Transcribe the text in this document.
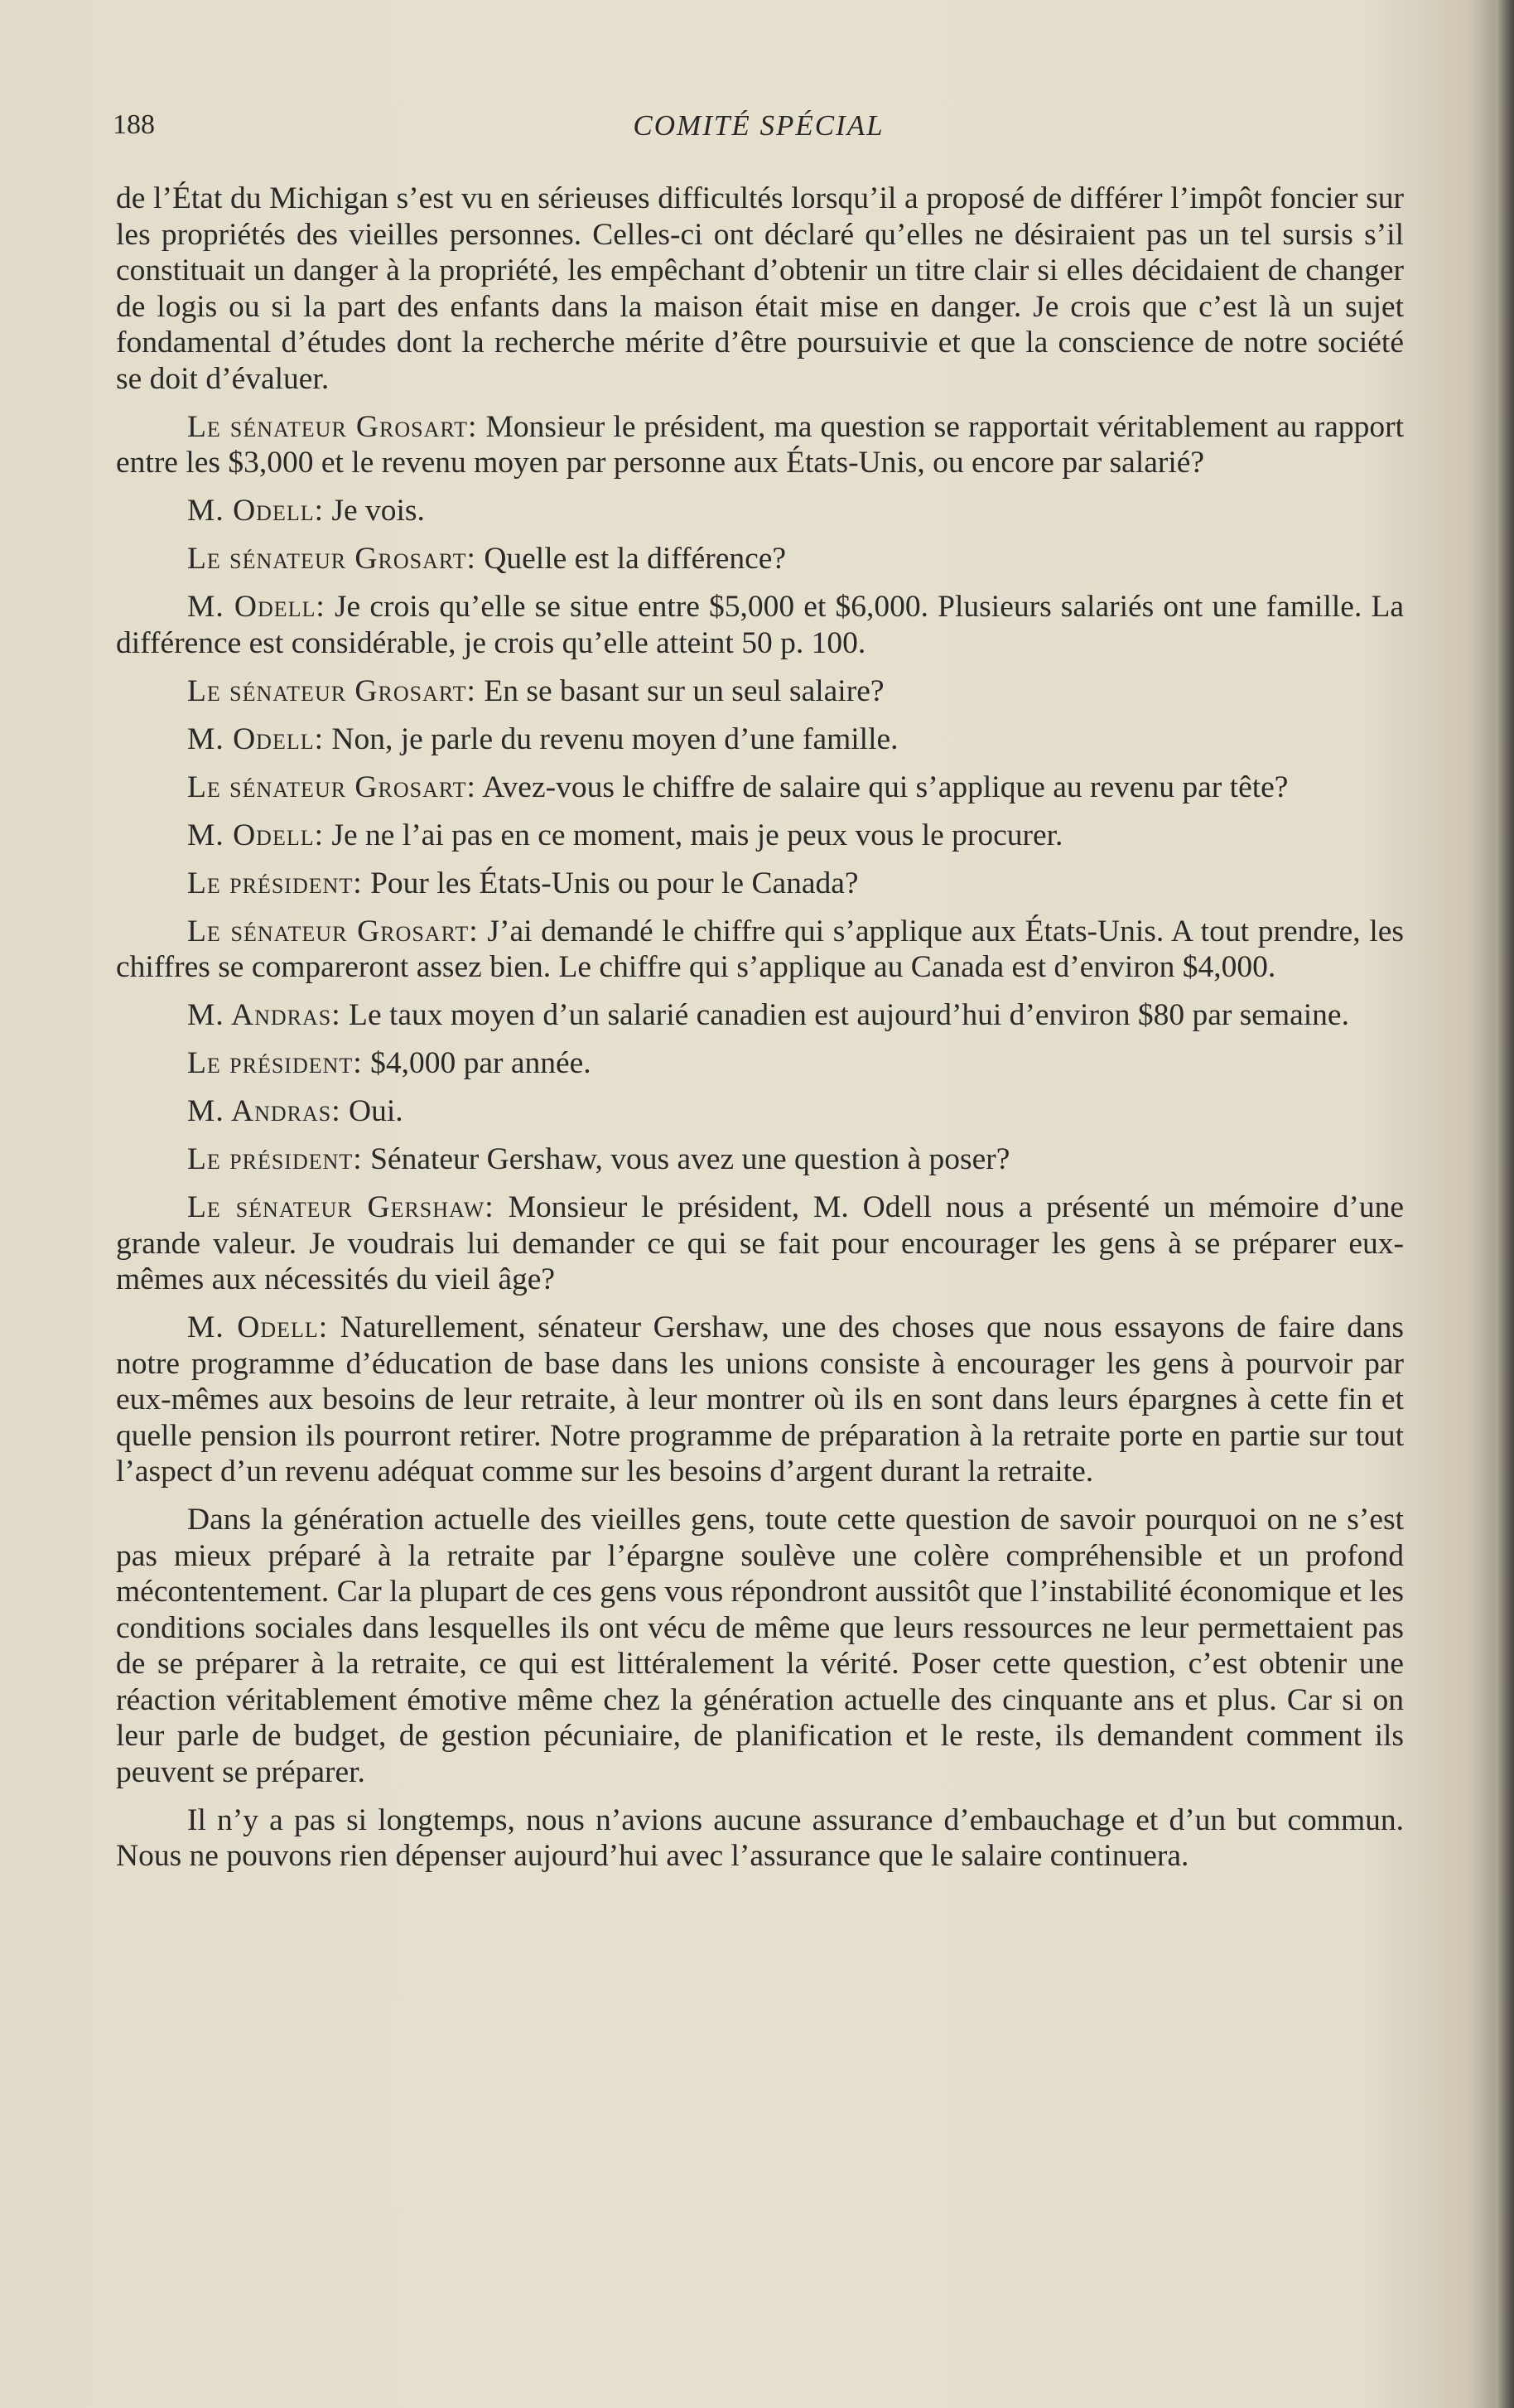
188	COMITÉ SPÉCIAL

de l’État du Michigan s’est vu en sérieuses difficultés lorsqu’il a proposé de différer l’impôt foncier sur les propriétés des vieilles personnes. Celles-ci ont déclaré qu’elles ne désiraient pas un tel sursis s’il constituait un danger à la propriété, les empêchant d’obtenir un titre clair si elles décidaient de changer de logis ou si la part des enfants dans la maison était mise en danger. Je crois que c’est là un sujet fondamental d’études dont la recherche mérite d’être poursuivie et que la conscience de notre société se doit d’évaluer.

Le sénateur Grosart: Monsieur le président, ma question se rapportait véritablement au rapport entre les $3,000 et le revenu moyen par personne aux États-Unis, ou encore par salarié?

M. Odell: Je vois.

Le sénateur Grosart: Quelle est la différence?

M. Odell: Je crois qu’elle se situe entre $5,000 et $6,000. Plusieurs salariés ont une famille. La différence est considérable, je crois qu’elle atteint 50 p. 100.

Le sénateur Grosart: En se basant sur un seul salaire?

M. Odell: Non, je parle du revenu moyen d’une famille.

Le sénateur Grosart: Avez-vous le chiffre de salaire qui s’applique au revenu par tête?

M. Odell: Je ne l’ai pas en ce moment, mais je peux vous le procurer.

Le président: Pour les États-Unis ou pour le Canada?

Le sénateur Grosart: J’ai demandé le chiffre qui s’applique aux États-Unis. A tout prendre, les chiffres se compareront assez bien. Le chiffre qui s’applique au Canada est d’environ $4,000.

M. Andras: Le taux moyen d’un salarié canadien est aujourd’hui d’environ $80 par semaine.

Le président: $4,000 par année.

M. Andras: Oui.

Le président: Sénateur Gershaw, vous avez une question à poser?

Le sénateur Gershaw: Monsieur le président, M. Odell nous a présenté un mémoire d’une grande valeur. Je voudrais lui demander ce qui se fait pour encourager les gens à se préparer eux-mêmes aux nécessités du vieil âge?

M. Odell: Naturellement, sénateur Gershaw, une des choses que nous essayons de faire dans notre programme d’éducation de base dans les unions consiste à encourager les gens à pourvoir par eux-mêmes aux besoins de leur retraite, à leur montrer où ils en sont dans leurs épargnes à cette fin et quelle pension ils pourront retirer. Notre programme de préparation à la retraite porte en partie sur tout l’aspect d’un revenu adéquat comme sur les besoins d’argent durant la retraite.

Dans la génération actuelle des vieilles gens, toute cette question de savoir pourquoi on ne s’est pas mieux préparé à la retraite par l’épargne soulève une colère compréhensible et un profond mécontentement. Car la plupart de ces gens vous répondront aussitôt que l’instabilité économique et les conditions sociales dans lesquelles ils ont vécu de même que leurs ressources ne leur permettaient pas de se préparer à la retraite, ce qui est littéralement la vérité. Poser cette question, c’est obtenir une réaction véritablement émotive même chez la génération actuelle des cinquante ans et plus. Car si on leur parle de budget, de gestion pécuniaire, de planification et le reste, ils demandent comment ils peuvent se préparer.

Il n’y a pas si longtemps, nous n’avions aucune assurance d’embauchage et d’un but commun. Nous ne pouvons rien dépenser aujourd’hui avec l’assurance que le salaire continuera.
